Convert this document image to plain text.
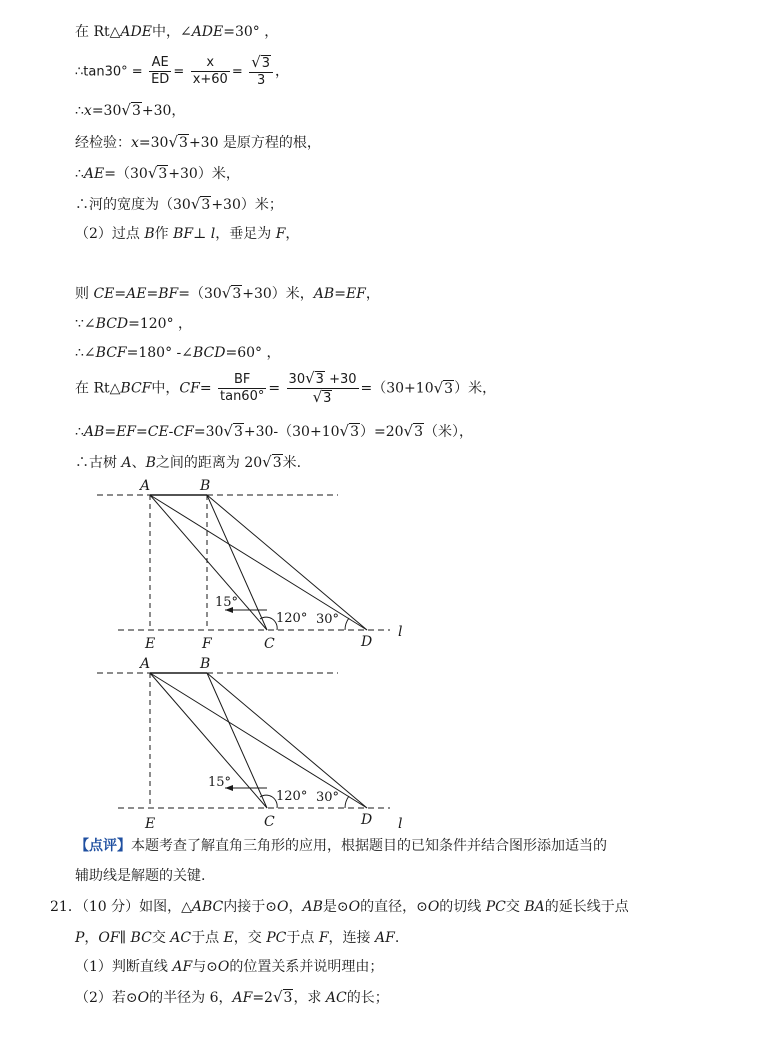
在 Rt△ADE中，∠ADE=30° ，
∴tan30° = $\frac{AE}{ED} = \frac{x}{x+60} = \frac{√3}{3}$ ，
∴x=30√3+30，
经检验：x=30√3+30 是原方程的根，
∴AE=（30√3+30）米，
∴河的宽度为（30√3+30）米；
（2）过点 B作 BF⊥ l，垂足为 F，
则 CE=AE=BF=（30√3+30）米，AB=EF，
∵∠BCD=120° ，
∴∠BCF=180° -∠BCD=60° ，
在 Rt△BCF中，$CF= \frac{BF}{\tan 60^\circ} = \frac{30√3 +30}{√3} =(30+10√3)$米，
∴AB=EF=CE-CF=30√3+30-（30+10√3）=20√3（米），
∴古树 A、B之间的距离为 20√3米.
A	B
E	F	C	D
l
15°
120° 30°
A	B
E	C	D l
15°
120° 30°
【点评】本题考查了解直角三角形的应用，根据题目的已知条件并结合图形添加适当的
辅助线是解题的关键.
21．（10 分）如图，△ABC内接于⊙O，AB是⊙O的直径，⊙O的切线 PC交 BA的延长线于点
P，OF∥ BC交 AC于点 E，交 PC于点 F，连接 AF.
（1）判断直线 AF与⊙O的位置关系并说明理由；
（2）若⊙O的半径为 6，AF=2√3，求 AC的长；
